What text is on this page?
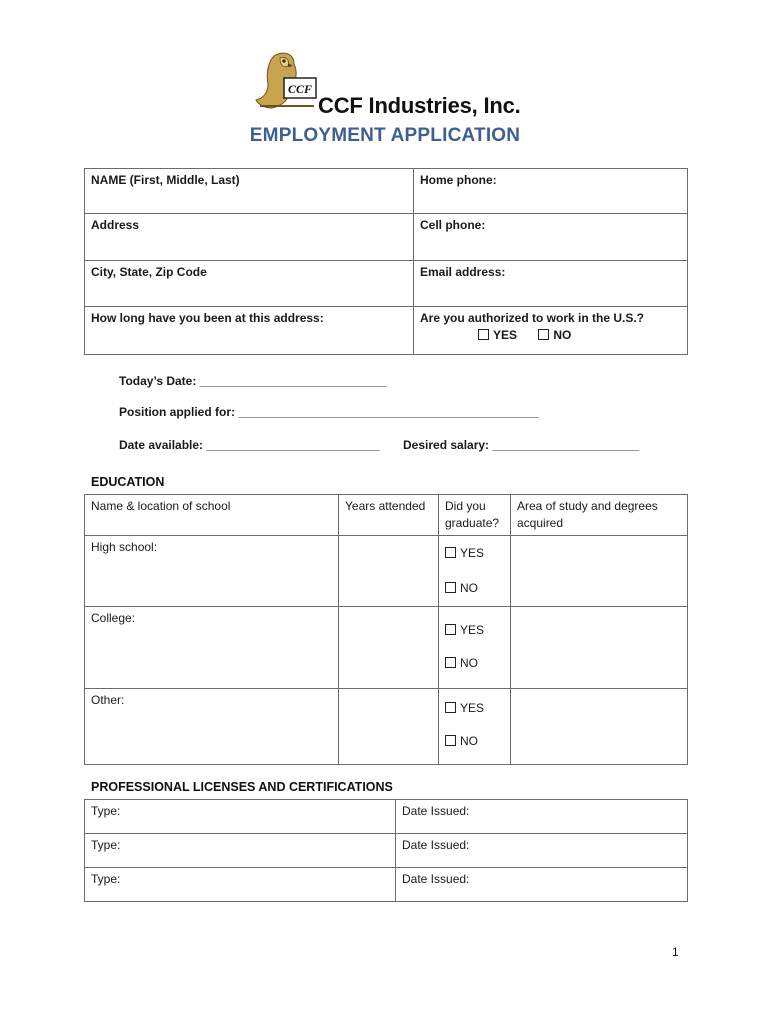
CCF
CCF Industries, Inc.
EMPLOYMENT APPLICATION
NAME (First, Middle, Last)	Home phone:
Address	Cell phone:
City, State, Zip Code	Email address:
How long have you been at this address:	Are you authorized to work in the U.S.?
YES NO
Today’s Date: ____________________________
Position applied for: _____________________________________________
Date available: __________________________ Desired salary: ______________________
EDUCATION
Name & location of school	Years attended	Did you graduate?	Area of study and degrees acquired
High school:		YES
NO	

College:		YES
NO	

Other:		YES
NO	

PROFESSIONAL LICENSES AND CERTIFICATIONS
Type:	Date Issued:
Type:	Date Issued:
Type:	Date Issued:
1
